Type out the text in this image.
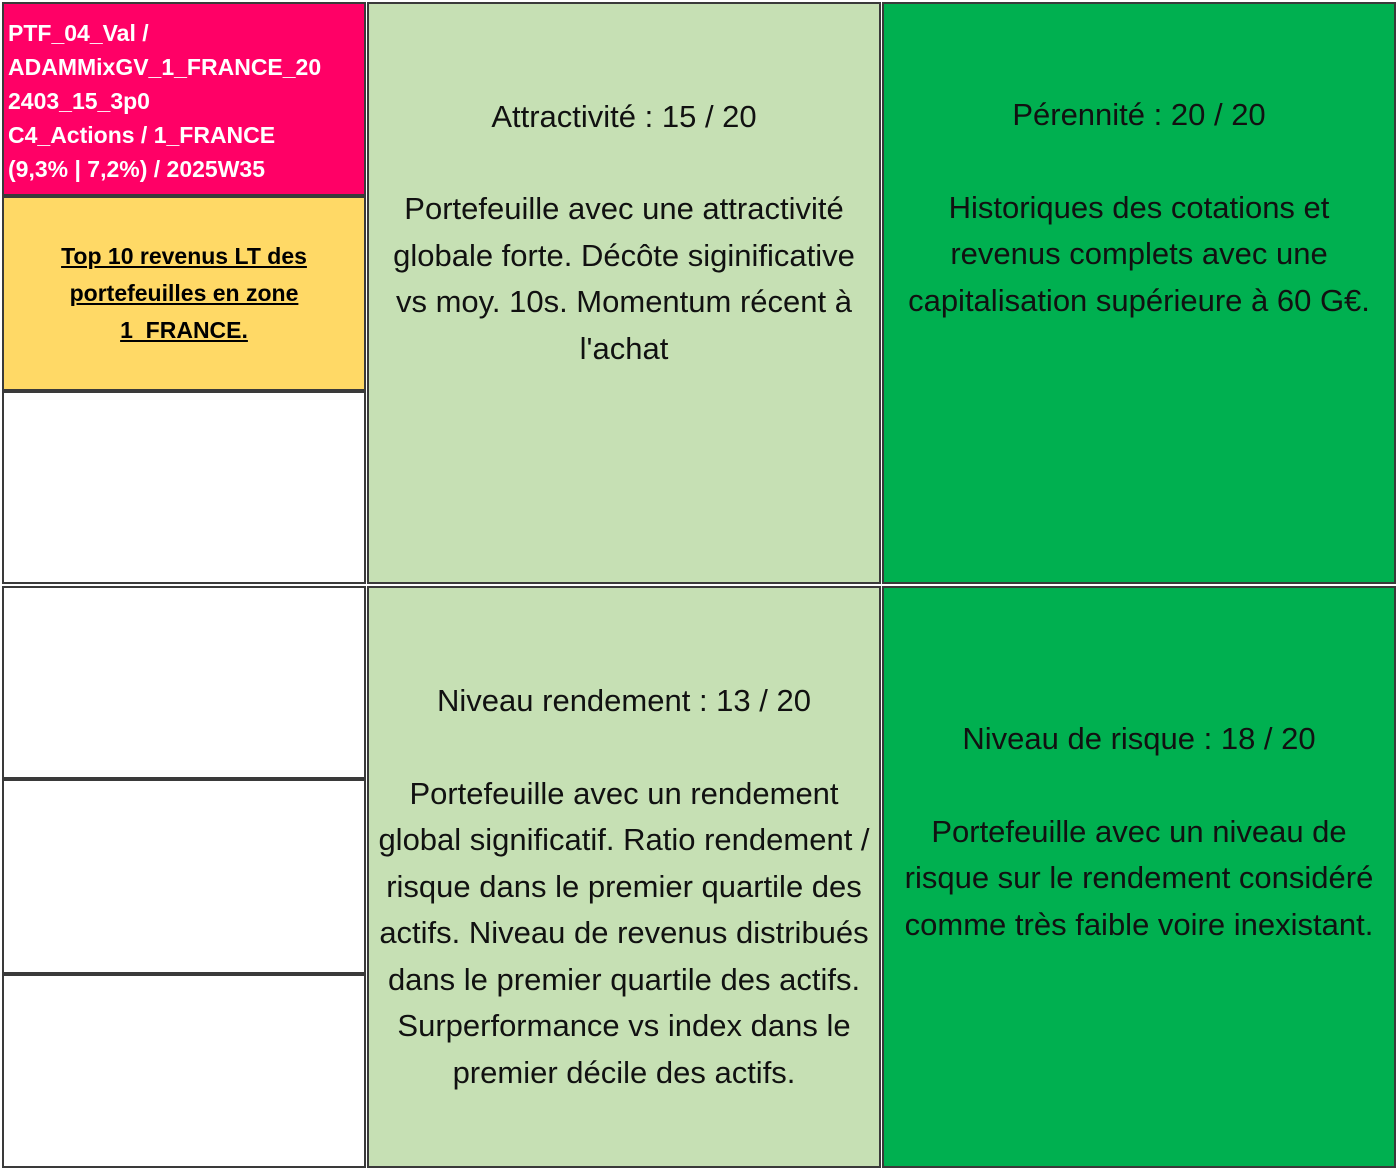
PTF_04_Val /
ADAMMixGV_1_FRANCE_20
2403_15_3p0
C4_Actions / 1_FRANCE
(9,3% | 7,2%) / 2025W35
Top 10 revenus LT des portefeuilles en zone 1_FRANCE.
Attractivité : 15 / 20
Portefeuille avec une attractivité globale forte. Décôte siginificative vs moy. 10s. Momentum récent à l'achat
Pérennité : 20 / 20
Historiques des cotations et revenus complets avec une capitalisation supérieure à 60 G€.
Niveau rendement : 13 / 20
Portefeuille avec un rendement global significatif. Ratio rendement / risque dans le premier quartile des actifs. Niveau de revenus distribués dans le premier quartile des actifs. Surperformance vs index dans le premier décile des actifs.
Niveau de risque : 18 / 20
Portefeuille avec un niveau de risque sur le rendement considéré comme très faible voire inexistant.
